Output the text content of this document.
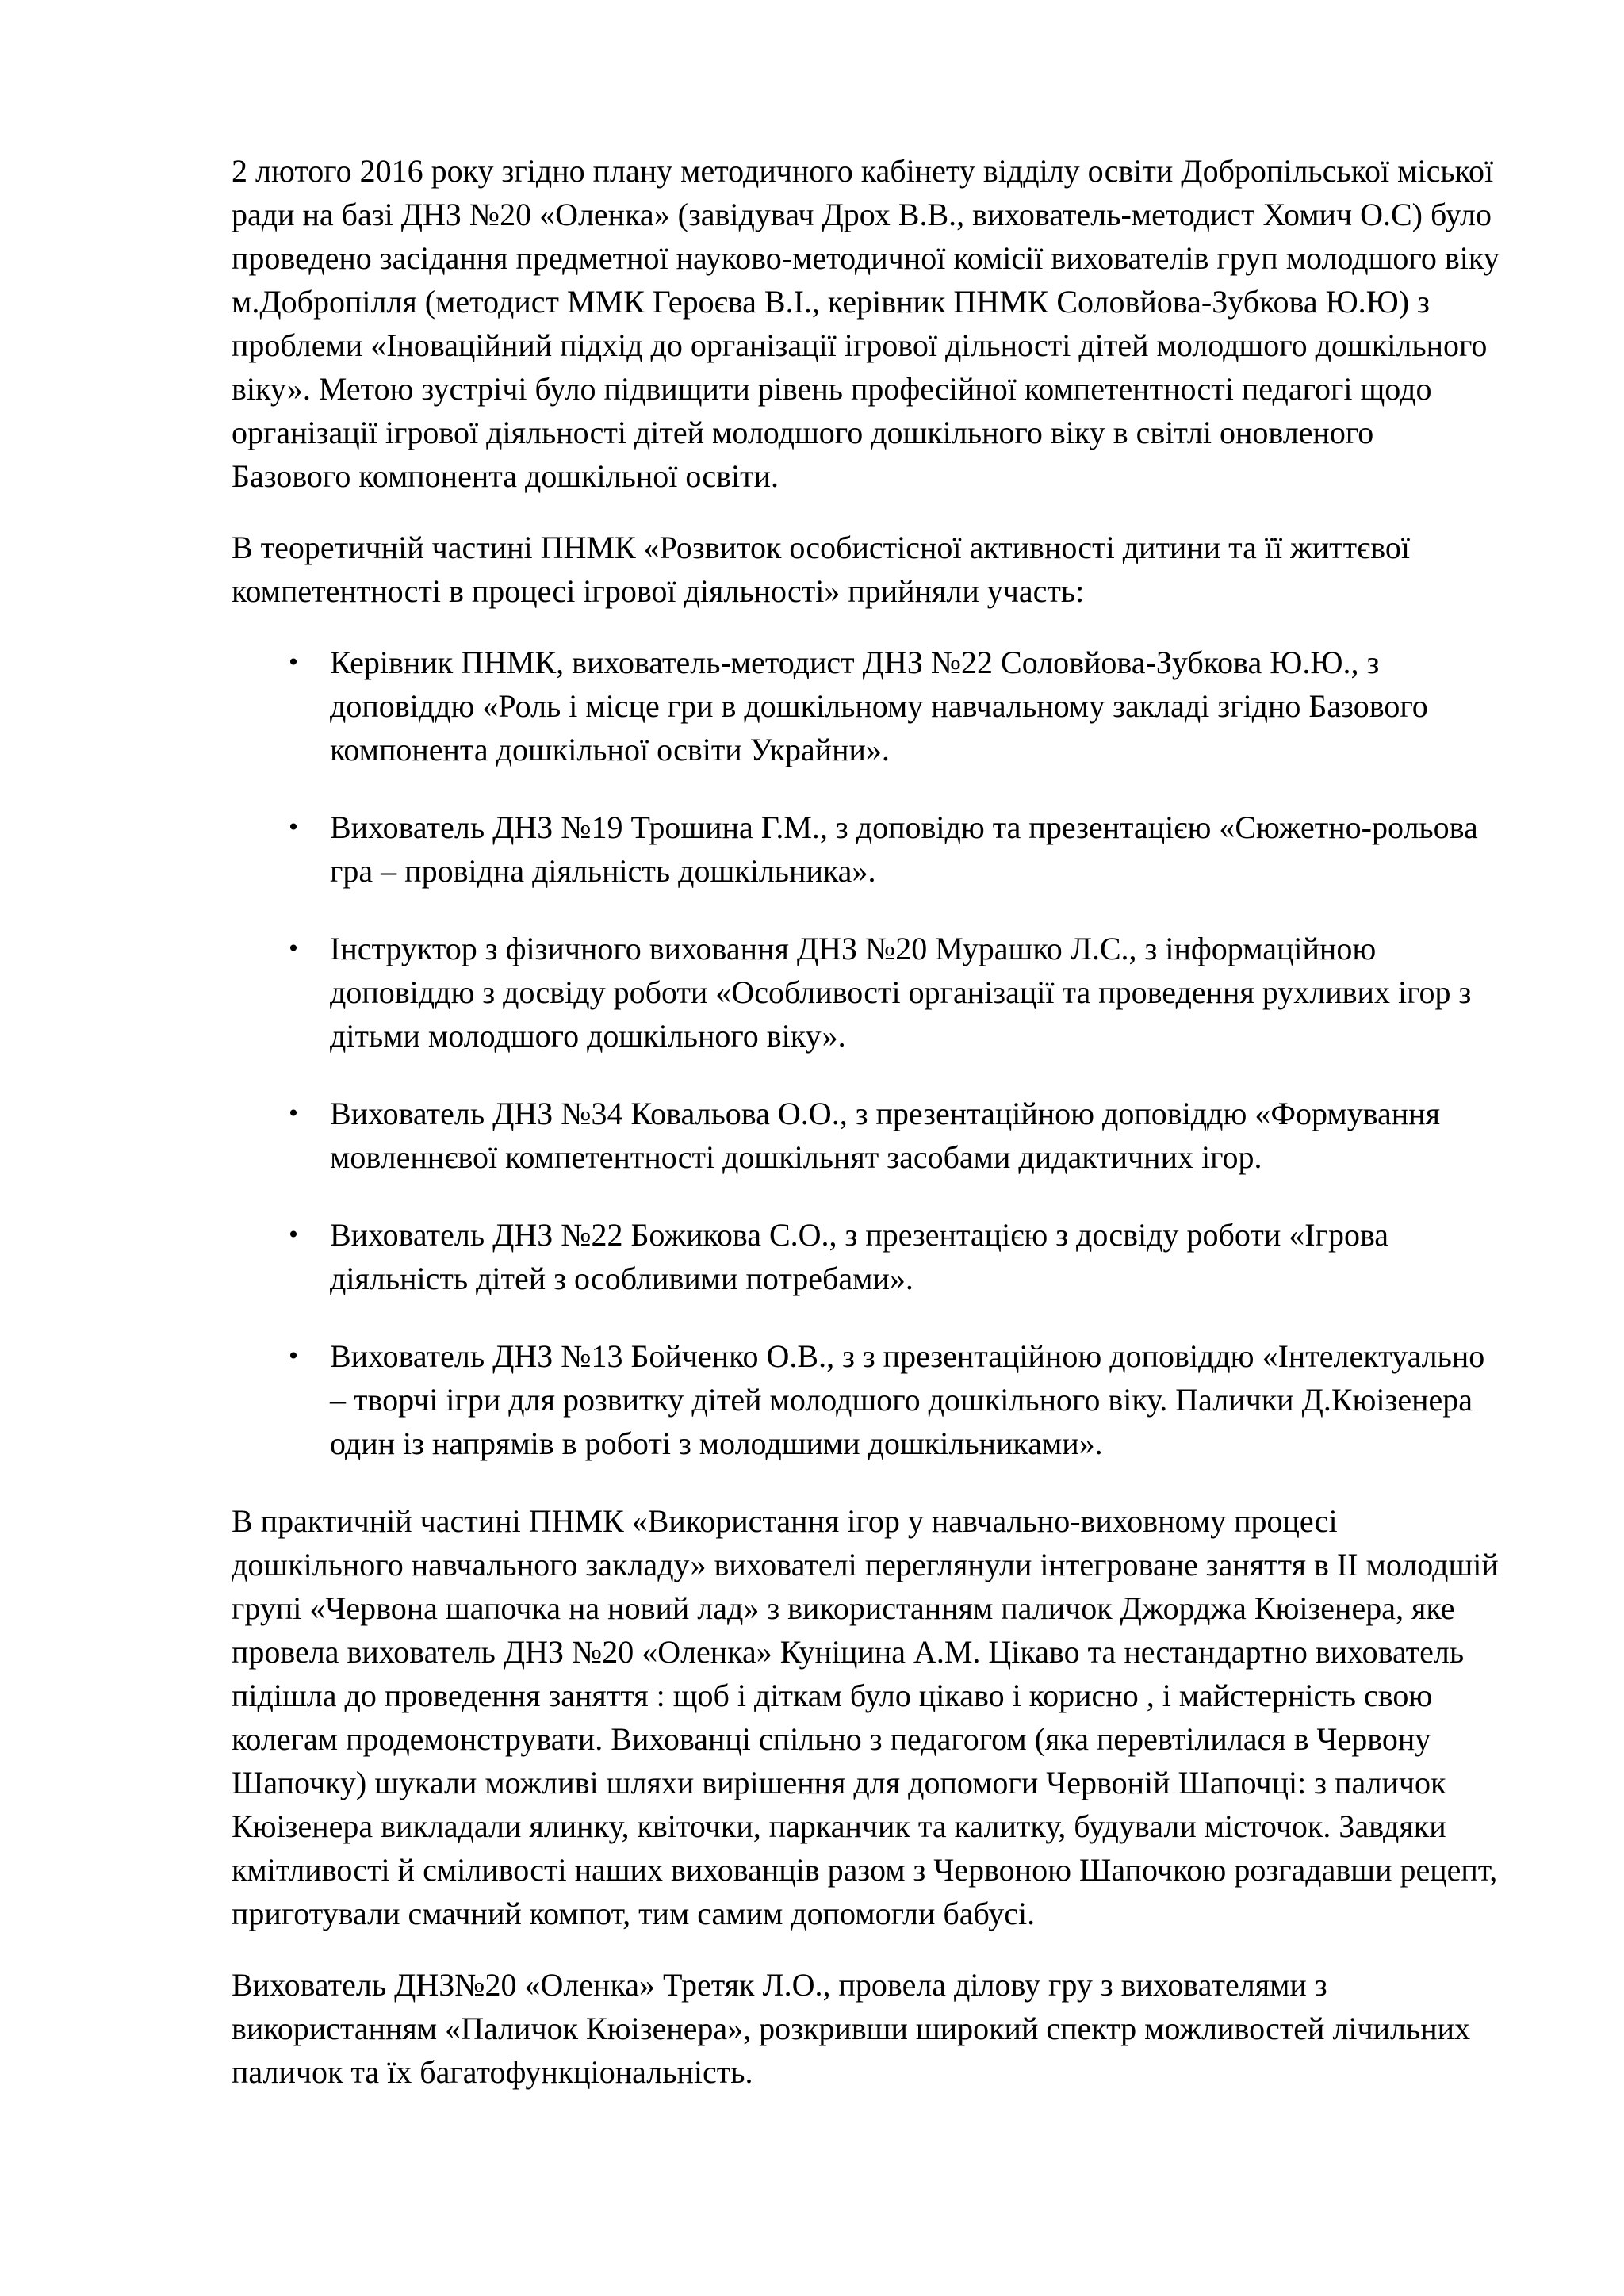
2 лютого 2016 року згідно плану методичного кабінету відділу освіти Добропільської міської ради на базі ДНЗ №20 «Оленка» (завідувач Дрох В.В., вихователь-методист Хомич О.С) було проведено засідання предметної науково-методичної комісії вихователів груп молодшого віку м.Добропілля (методист ММК Героєва В.І., керівник ПНМК Соловйова-Зубкова Ю.Ю) з проблеми «Іноваційний підхід до організації ігрової дільності дітей молодшого дошкільного віку». Метою зустрічі було підвищити рівень професійної компетентності педагогі щодо організації ігрової діяльності дітей молодшого дошкільного віку в світлі оновленого Базового компонента дошкільної освіти.

В теоретичній частині ПНМК «Розвиток особистісної активності дитини та її життєвої компетентності в процесі ігрової діяльності» прийняли участь:

• Керівник ПНМК, вихователь-методист ДНЗ №22 Соловйова-Зубкова Ю.Ю., з доповіддю «Роль і місце гри в дошкільному навчальному закладі згідно Базового компонента дошкільної освіти Украйни».
• Вихователь ДНЗ №19 Трошина Г.М., з доповідю та презентацією «Сюжетно-рольова гра – провідна діяльність дошкільника».
• Інструктор з фізичного виховання ДНЗ №20 Мурашко Л.С., з інформаційною доповіддю з досвіду роботи «Особливості організації та проведення рухливих ігор з дітьми молодшого дошкільного віку».
• Вихователь ДНЗ №34 Ковальова О.О., з презентаційною доповіддю «Формування мовленнєвої компетентності дошкільнят засобами дидактичних ігор.
• Вихователь ДНЗ №22 Божикова С.О., з презентацією з досвіду роботи «Ігрова діяльність дітей з особливими потребами».
• Вихователь ДНЗ №13 Бойченко О.В., з з презентаційною доповіддю «Інтелектуально – творчі ігри для розвитку дітей молодшого дошкільного віку. Палички Д.Кюізенера один із напрямів в роботі з молодшими дошкільниками».

В практичній частині ПНМК «Використання ігор у навчально-виховному процесі дошкільного навчального закладу» вихователі переглянули інтегроване заняття в ІІ молодшій групі «Червона шапочка на новий лад» з використанням паличок Джорджа Кюізенера, яке провела вихователь ДНЗ №20 «Оленка» Куніцина А.М. Цікаво та нестандартно вихователь підішла до проведення заняття : щоб і діткам було цікаво і корисно , і майстерність свою колегам продемонструвати. Вихованці спільно з педагогом (яка перевтілилася в Червону Шапочку) шукали можливі шляхи вирішення для допомоги Червоній Шапочці: з паличок Кюізенера викладали ялинку, квіточки, парканчик та калитку, будували місточок. Завдяки кмітливості й сміливості наших вихованців разом з Червоною Шапочкою розгадавши рецепт, приготували смачний компот, тим самим допомогли бабусі.

Вихователь ДНЗ№20 «Оленка» Третяк Л.О., провела ділову гру з вихователями з використанням «Паличок Кюізенера», розкривши широкий спектр можливостей лічильних паличок та їх багатофункціональність.
